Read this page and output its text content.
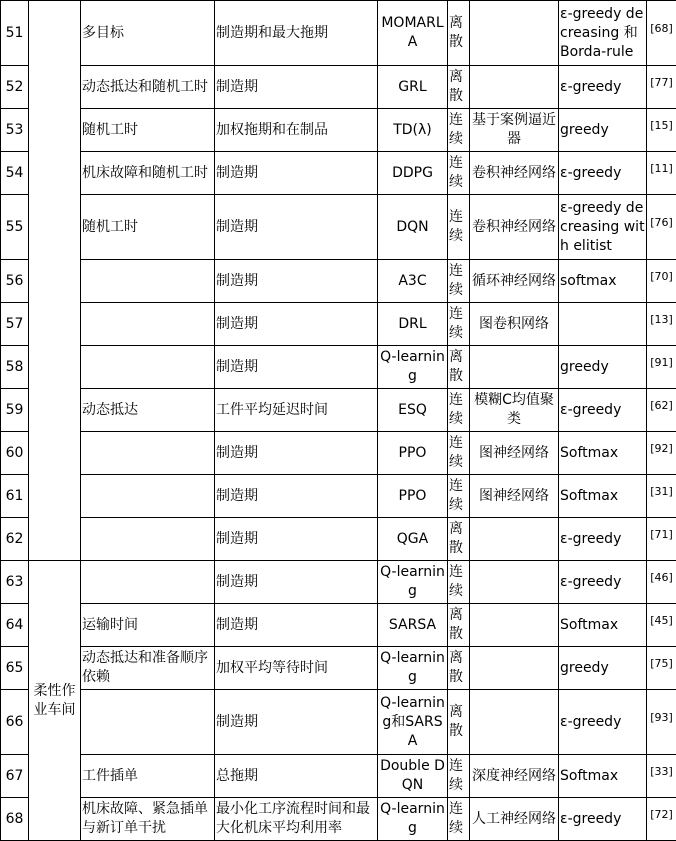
51		多目标	制造期和最大拖期	MOMARLA	离散		ε-greedy decreasing 和 Borda-rule	[68]
52		动态抵达和随机工时	制造期	GRL	离散		ε-greedy	[77]
53		随机工时	加权拖期和在制品	TD(λ)	连续	基于案例逼近器	greedy	[15]
54		机床故障和随机工时	制造期	DDPG	连续	卷积神经网络	ε-greedy	[11]
55		随机工时	制造期	DQN	连续	卷积神经网络	ε-greedy decreasing with elitist	[76]
56			制造期	A3C	连续	循环神经网络	softmax	[70]
57			制造期	DRL	连续	图卷积网络		[13]
58			制造期	Q-learning	离散		greedy	[91]
59		动态抵达	工件平均延迟时间	ESQ	连续	模糊C均值聚类	ε-greedy	[62]
60			制造期	PPO	连续	图神经网络	Softmax	[92]
61			制造期	PPO	连续	图神经网络	Softmax	[31]
62			制造期	QGA	离散		ε-greedy	[71]
63	柔性作业车间		制造期	Q-learning	连续		ε-greedy	[46]
64		运输时间	制造期	SARSA	离散		Softmax	[45]
65		动态抵达和准备顺序依赖	加权平均等待时间	Q-learning	离散		greedy	[75]
66			制造期	Q-learning和SARSA	离散		ε-greedy	[93]
67		工件插单	总拖期	Double DQN	连续	深度神经网络	Softmax	[33]
68		机床故障、紧急插单与新订单干扰	最小化工序流程时间和最大化机床平均利用率	Q-learning	连续	人工神经网络	ε-greedy	[72]
